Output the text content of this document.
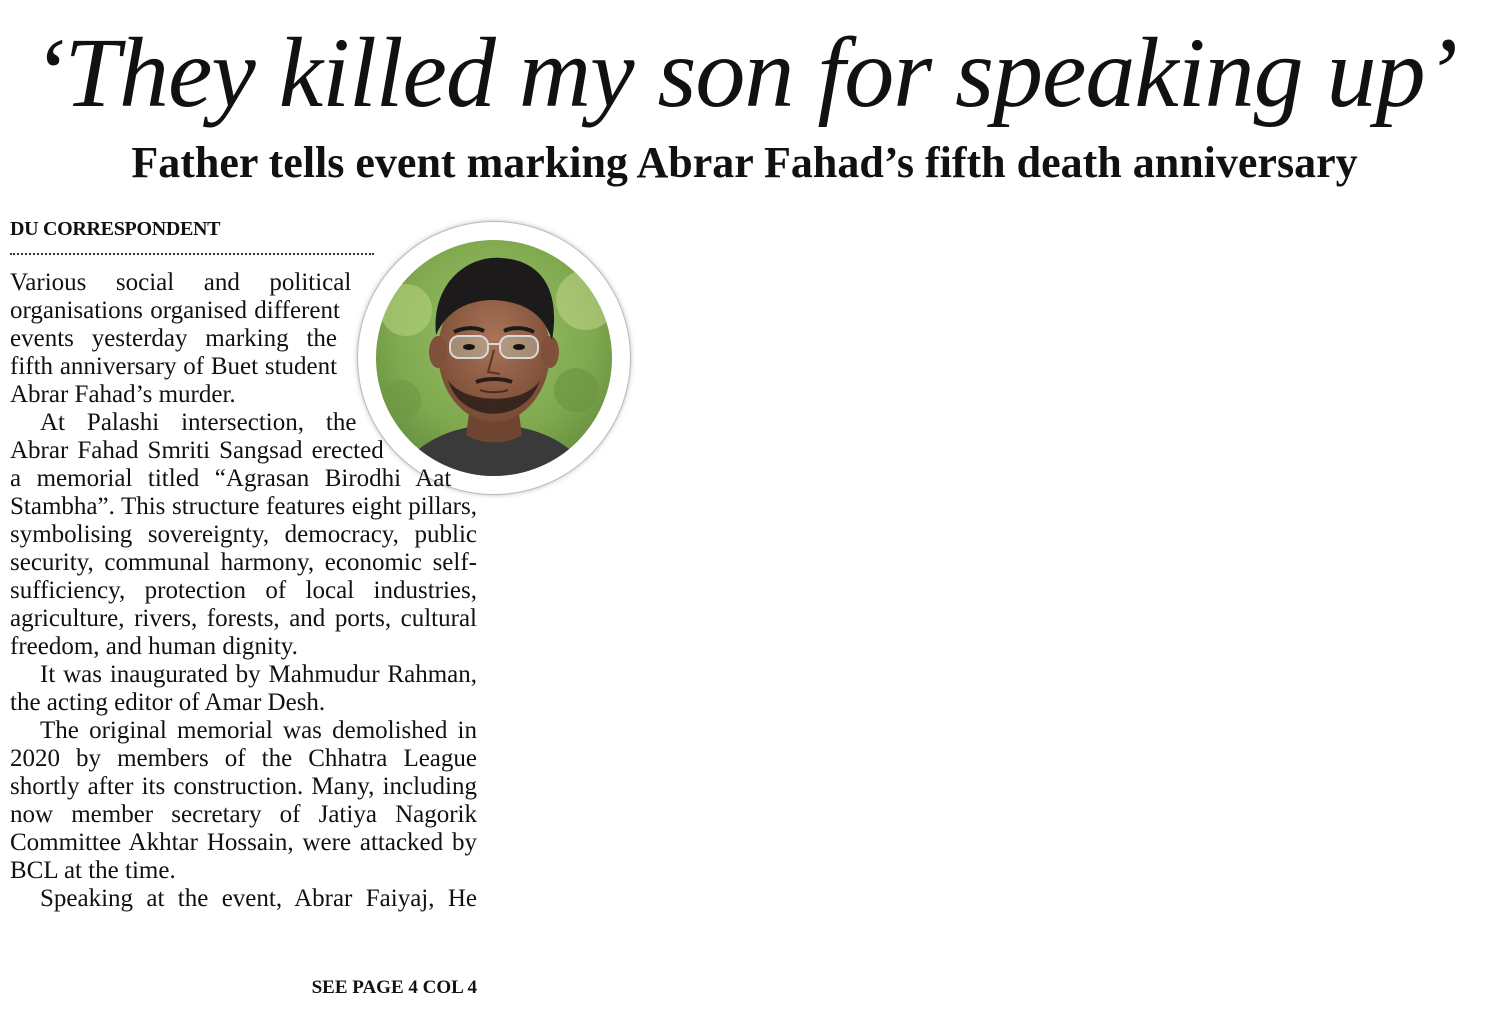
‘They killed my son for speaking up’
Father tells event marking Abrar Fahad’s fifth death anniversary
DU CORRESPONDENT

Various social and political organisations organised different events yesterday marking the fifth anniversary of Buet student Abrar Fahad’s murder.

At Palashi intersection, the Abrar Fahad Smriti Sangsad erected a memorial titled “Agrasan Birodhi Aat Stambha”. This structure features eight pillars, symbolising sovereignty, democracy, public security, communal harmony, economic self-sufficiency, protection of local industries, agriculture, rivers, forests, and ports, cultural freedom, and human dignity.

It was inaugurated by Mahmudur Rahman, the acting editor of Amar Desh.

The original memorial was demolished in 2020 by members of the Chhatra League shortly after its construction. Many, including now member secretary of Jatiya Nagorik Committee Akhtar Hossain, were attacked by BCL at the time.

Speaking at the event, Abrar Faiyaj, He

SEE PAGE 4 COL 4
